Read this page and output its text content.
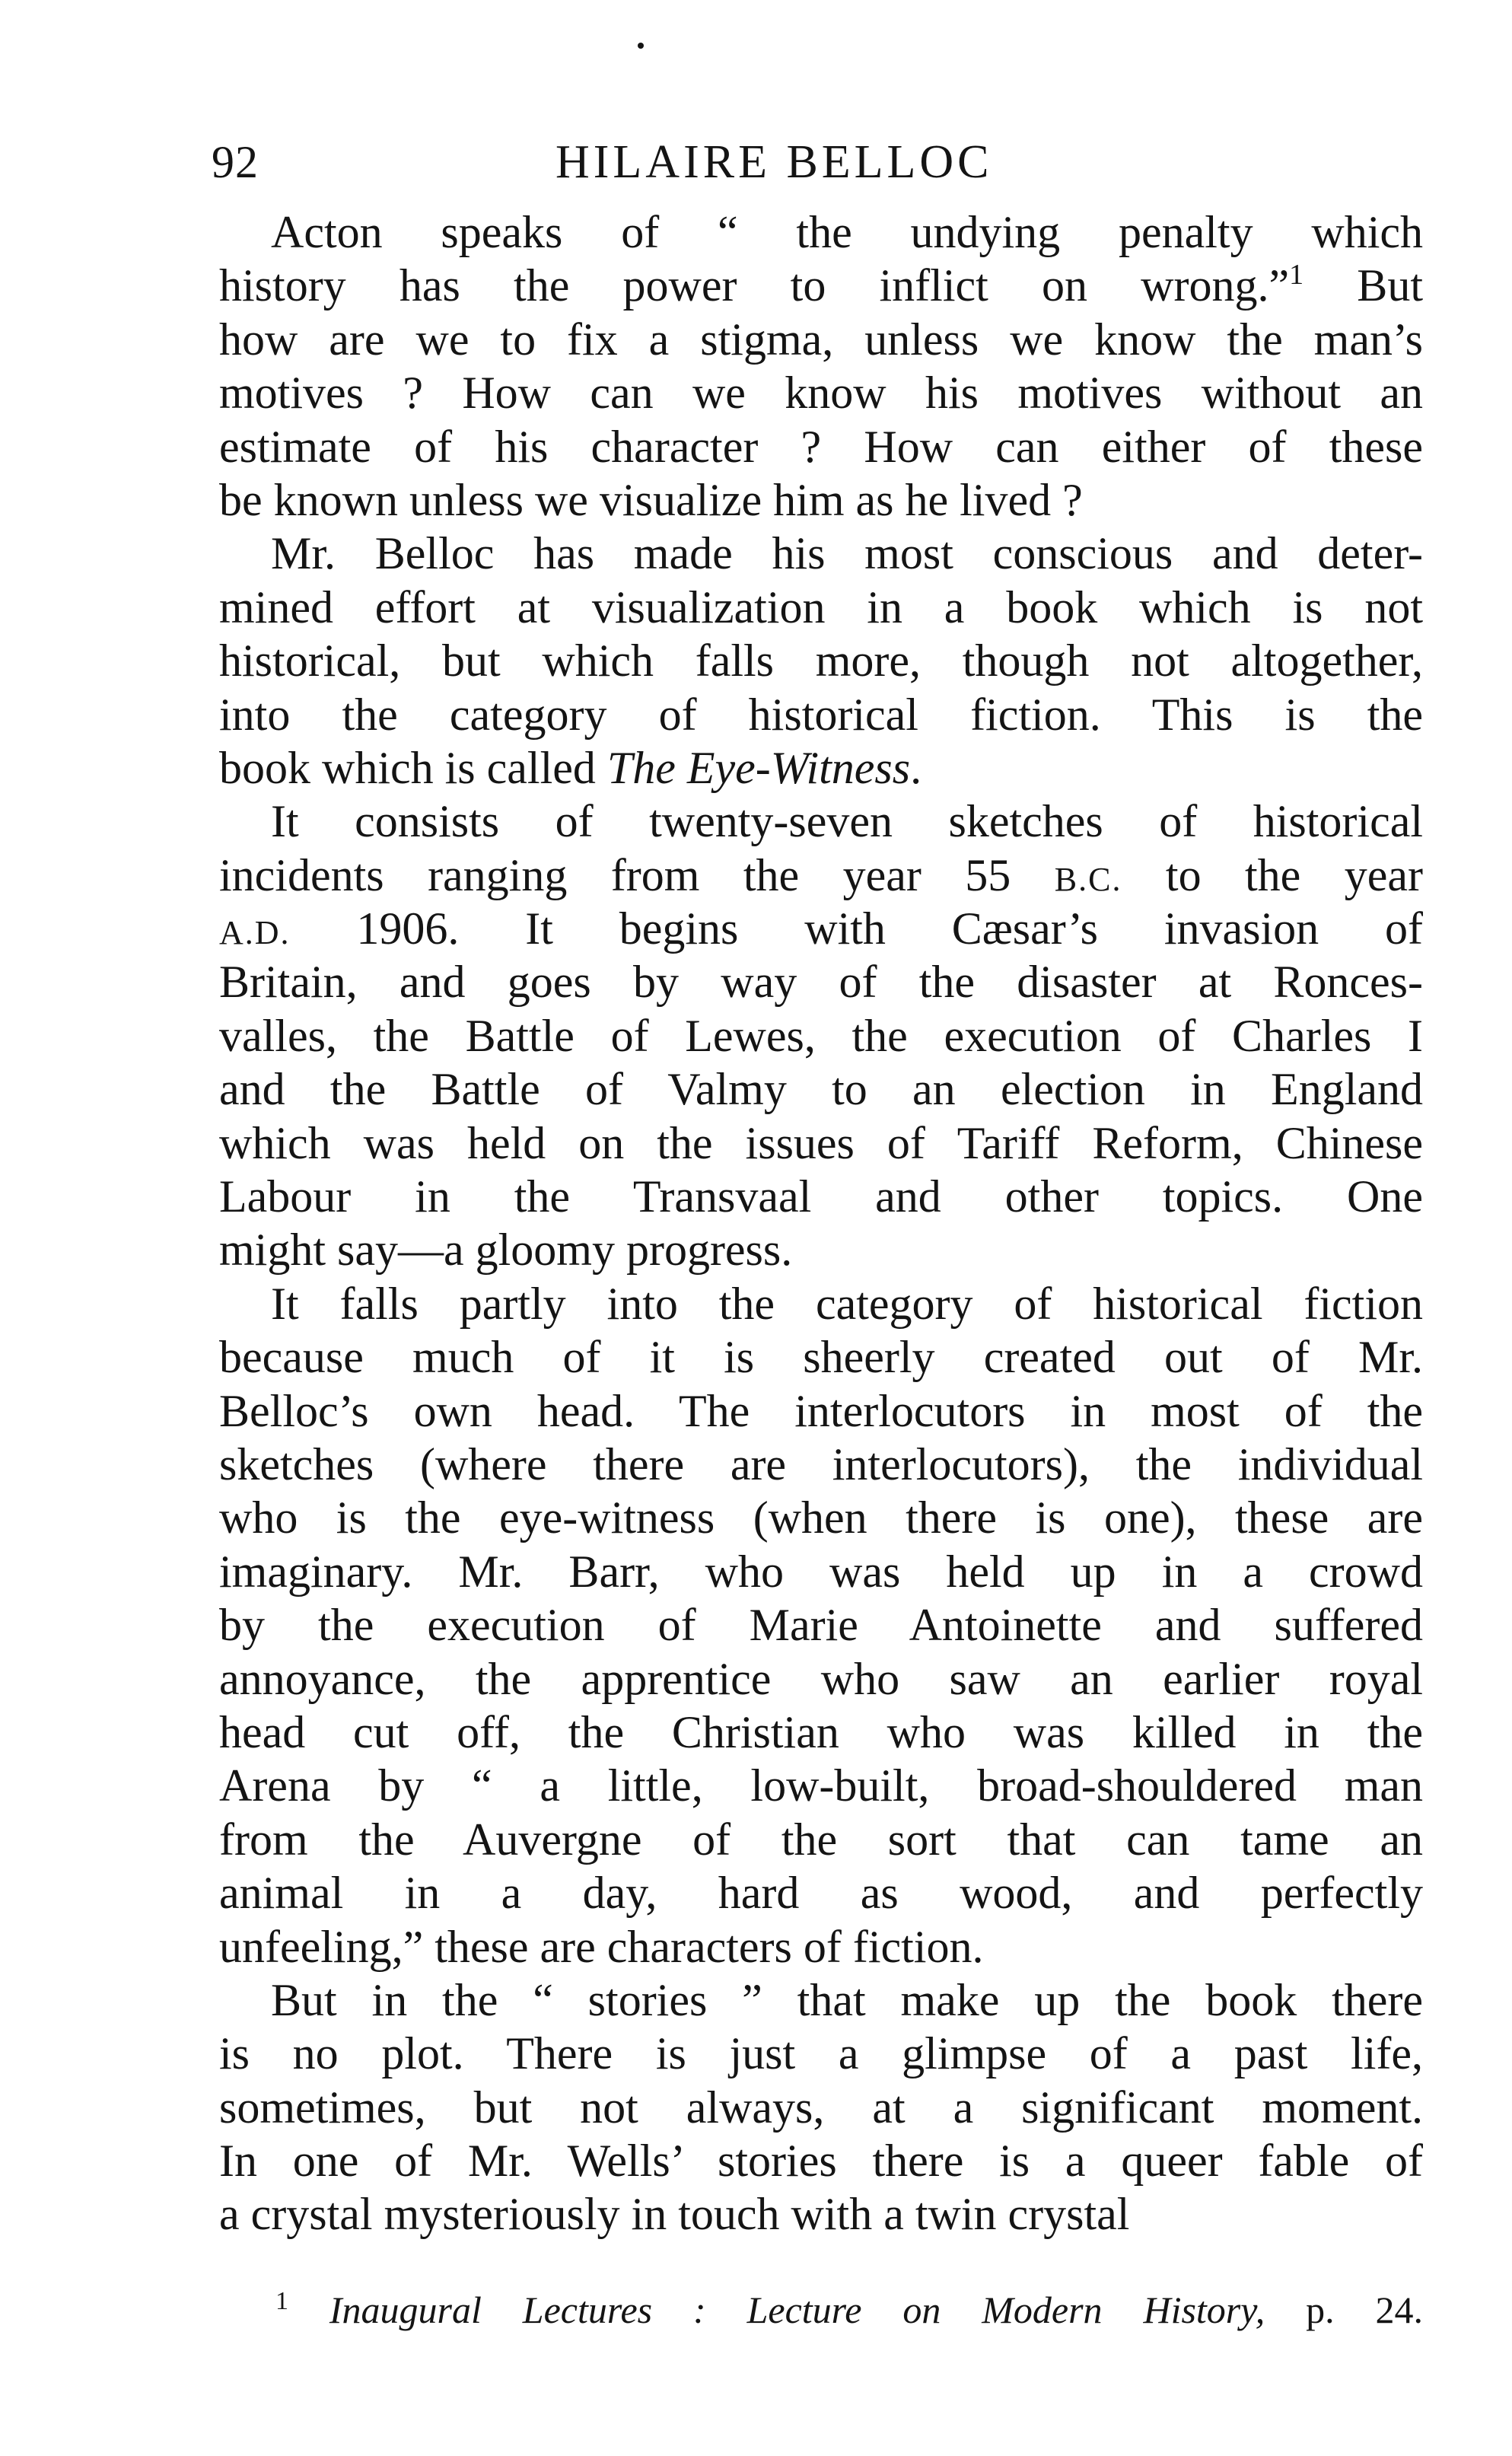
92	HILAIRE BELLOC
Acton speaks of “ the undying penalty which
history has the power to inflict on wrong.”$^1$ But
how are we to fix a stigma, unless we know the man’s
motives ? How can we know his motives without an
estimate of his character ? How can either of these
be known unless we visualize him as he lived ?
Mr. Belloc has made his most conscious and deter-
mined effort at visualization in a book which is not
historical, but which falls more, though not altogether,
into the category of historical fiction. This is the
book which is called The Eye-Witness.
It consists of twenty-seven sketches of historical
incidents ranging from the year 55 B.C. to the year
A.D. 1906. It begins with Cæsar’s invasion of
Britain, and goes by way of the disaster at Ronces-
valles, the Battle of Lewes, the execution of Charles I
and the Battle of Valmy to an election in England
which was held on the issues of Tariff Reform, Chinese
Labour in the Transvaal and other topics. One
might say—a gloomy progress.
It falls partly into the category of historical fiction
because much of it is sheerly created out of Mr.
Belloc’s own head. The interlocutors in most of the
sketches (where there are interlocutors), the individual
who is the eye-witness (when there is one), these are
imaginary. Mr. Barr, who was held up in a crowd
by the execution of Marie Antoinette and suffered
annoyance, the apprentice who saw an earlier royal
head cut off, the Christian who was killed in the
Arena by “ a little, low-built, broad-shouldered man
from the Auvergne of the sort that can tame an
animal in a day, hard as wood, and perfectly
unfeeling,” these are characters of fiction.
But in the “ stories ” that make up the book there
is no plot. There is just a glimpse of a past life,
sometimes, but not always, at a significant moment.
In one of Mr. Wells’ stories there is a queer fable of
a crystal mysteriously in touch with a twin crystal
$^1$ Inaugural Lectures : Lecture on Modern History, p. 24.
